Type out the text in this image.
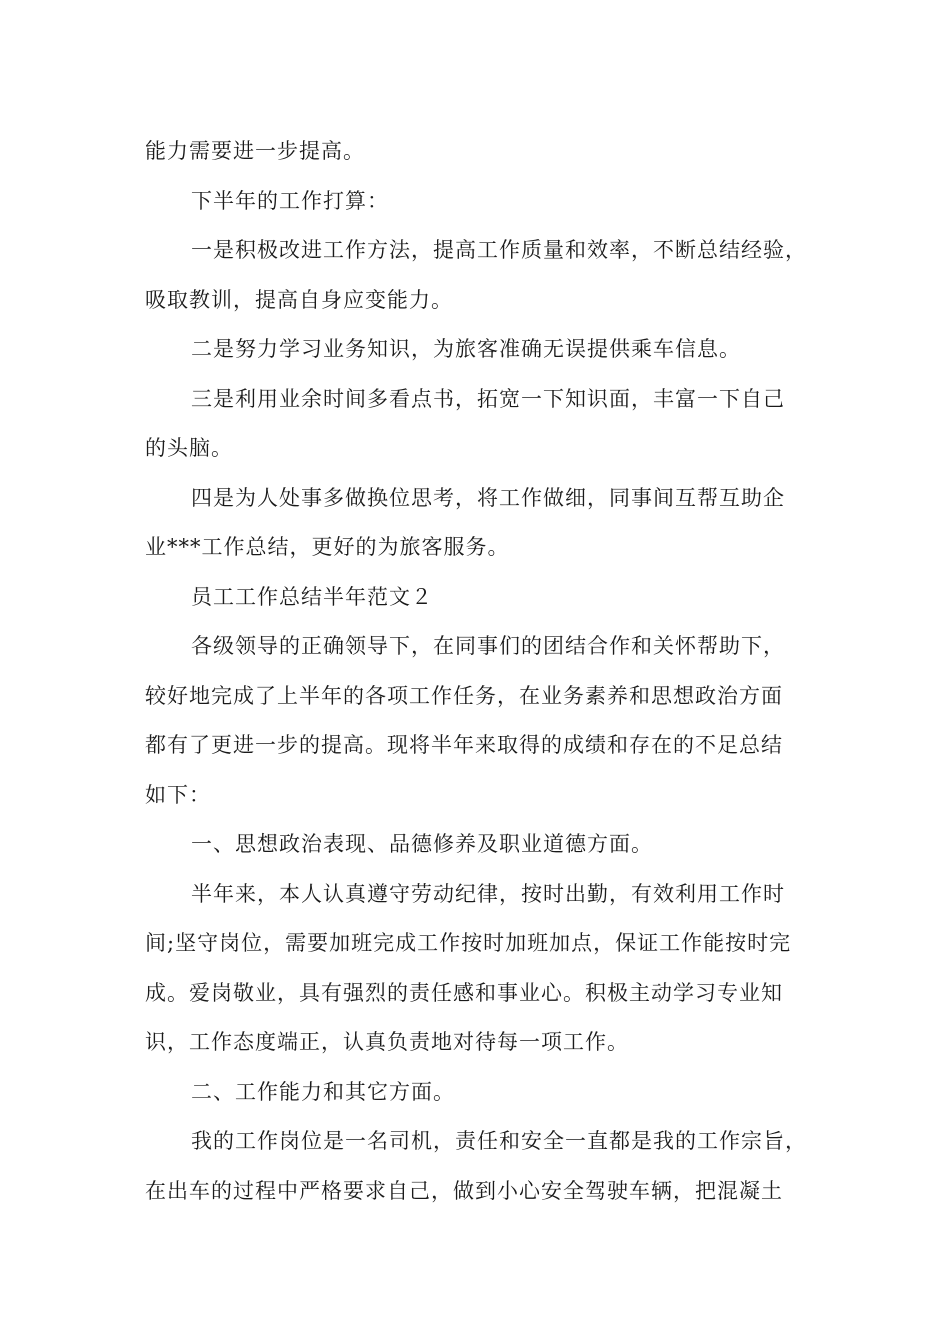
能力需要进一步提高。
下半年的工作打算：
一是积极改进工作方法，提高工作质量和效率，不断总结经验，
吸取教训，提高自身应变能力。
二是努力学习业务知识，为旅客准确无误提供乘车信息。
三是利用业余时间多看点书，拓宽一下知识面，丰富一下自己
的头脑。
四是为人处事多做换位思考，将工作做细，同事间互帮互助企
业***工作总结，更好的为旅客服务。
员工工作总结半年范文２
各级领导的正确领导下，在同事们的团结合作和关怀帮助下，
较好地完成了上半年的各项工作任务，在业务素养和思想政治方面
都有了更进一步的提高。现将半年来取得的成绩和存在的不足总结
如下：
一、思想政治表现、品德修养及职业道德方面。
半年来，本人认真遵守劳动纪律，按时出勤，有效利用工作时
间;坚守岗位，需要加班完成工作按时加班加点，保证工作能按时完
成。爱岗敬业，具有强烈的责任感和事业心。积极主动学习专业知
识，工作态度端正，认真负责地对待每一项工作。
二、工作能力和其它方面。
我的工作岗位是一名司机，责任和安全一直都是我的工作宗旨，
在出车的过程中严格要求自己，做到小心安全驾驶车辆，把混凝土
